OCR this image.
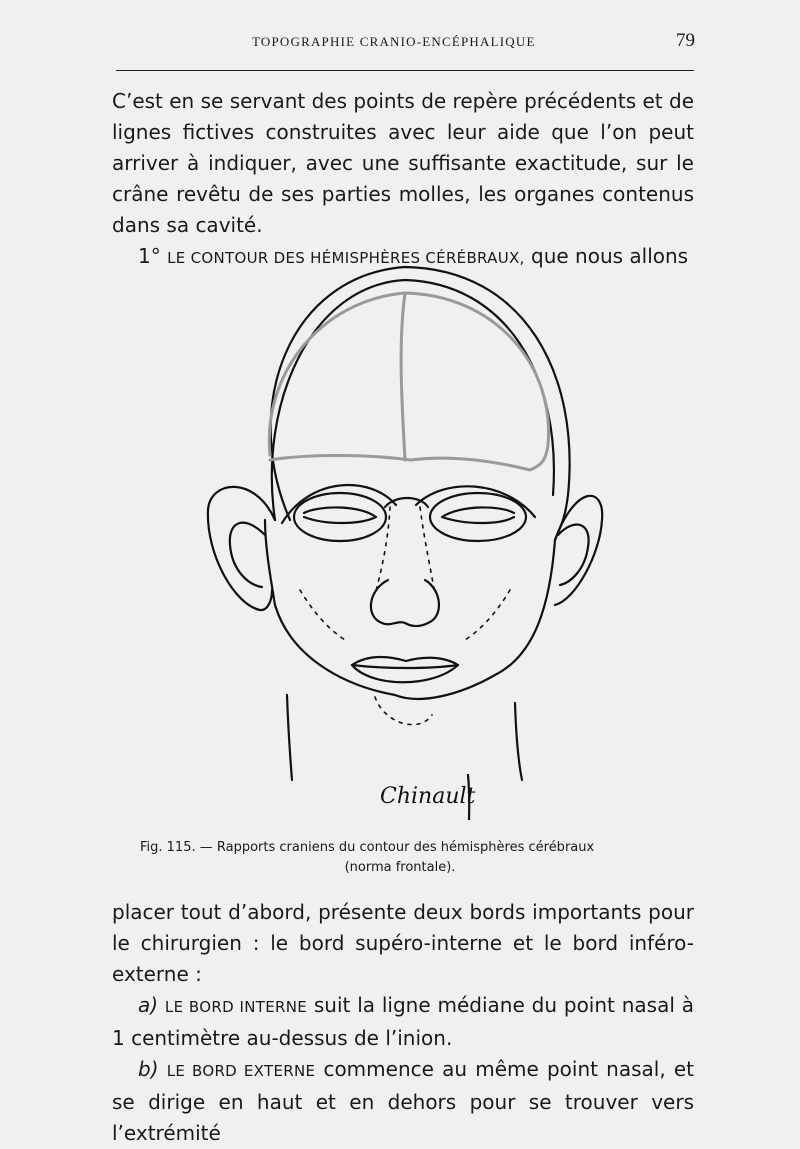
TOPOGRAPHIE CRANIO-ENCÉPHALIQUE	79

C’est en se servant des points de repère précédents et de lignes fictives construites avec leur aide que l’on peut arriver à indiquer, avec une suffisante exactitude, sur le crâne revêtu de ses parties molles, les organes contenus dans sa cavité.

1° LE CONTOUR DES HÉMISPHÈRES CÉRÉBRAUX, que nous allons

Chinault
Fig. 115. — Rapports craniens du contour des hémisphères cérébraux
(norma frontale).

placer tout d’abord, présente deux bords importants pour le chirurgien : le bord supéro-interne et le bord inféro-externe :

a) LE BORD INTERNE suit la ligne médiane du point nasal à 1 centimètre au-dessus de l’inion.

b) LE BORD EXTERNE commence au même point nasal, et se dirige en haut et en dehors pour se trouver vers l’extrémité
